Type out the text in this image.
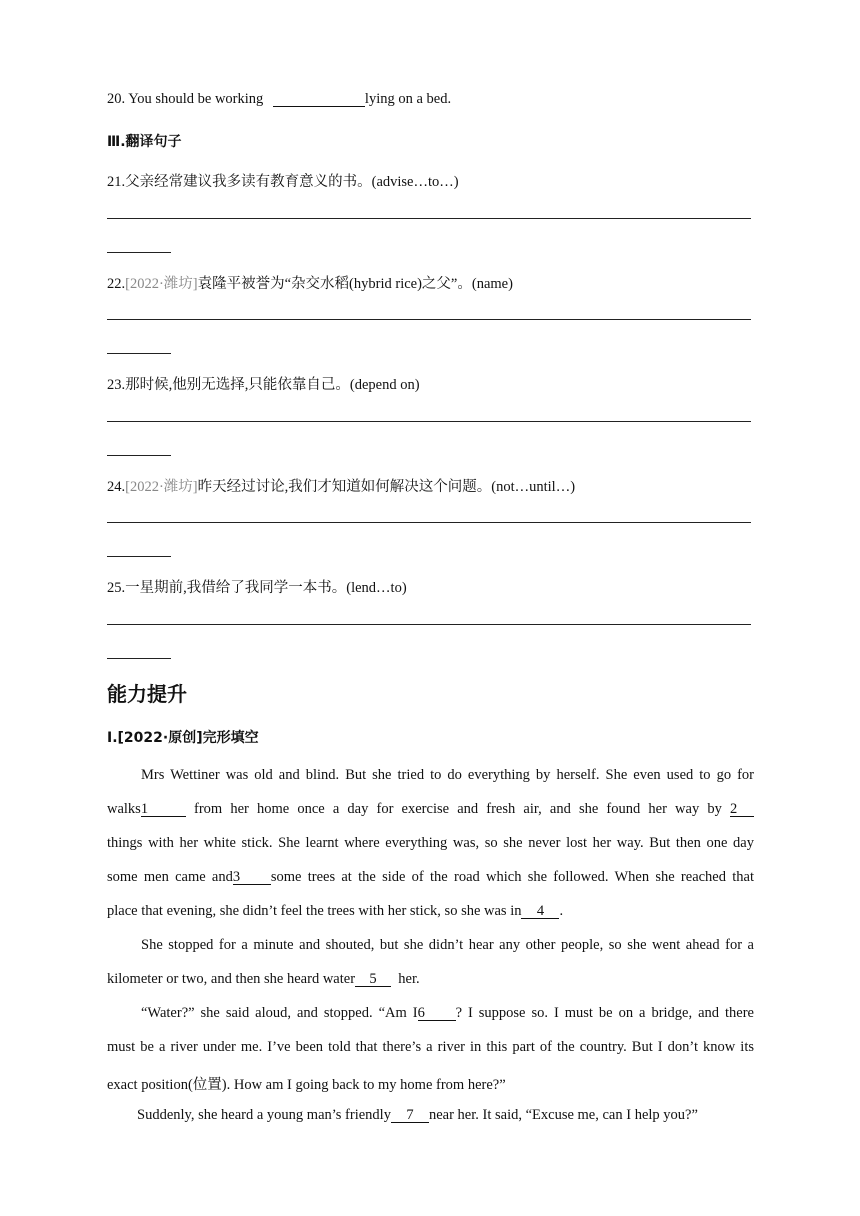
20. You should be working	lying on a bed.
Ⅲ.翻译句子
21.父亲经常建议我多读有教育意义的书。(advise…to…)
22.[2022·潍坊]袁隆平被誉为“杂交水稻(hybrid rice)之父”。(name)
23.那时候,他别无选择,只能依靠自己。(depend on)
24.[2022·潍坊]昨天经过讨论,我们才知道如何解决这个问题。(not…until…)
25.一星期前,我借给了我同学一本书。(lend…to)
能力提升
Ⅰ.[2022·原创]完形填空
Mrs Wettiner was old and blind. But she tried to do everything by herself. She even used to go for
walks1	from her home once a day for exercise and fresh air, and she found her way by 2
things with her white stick. She learnt where everything was, so she never lost her way. But then one day
some men came and3 some trees at the side of the road which she followed. When she reached that
place that evening, she didn’t feel the trees with her stick, so she was in 4 .
She stopped for a minute and shouted, but she didn’t hear any other people, so she went ahead for a
kilometer or two, and then she heard water 5 her.
“Water?” she said aloud, and stopped. “Am I6 ? I suppose so. I must be on a bridge, and there
must be a river under me. I’ve been told that there’s a river in this part of the country. But I don’t know its
exact position(位置). How am I going back to my home from here?”
Suddenly, she heard a young man’s friendly 7 near her. It said, “Excuse me, can I help you?”
